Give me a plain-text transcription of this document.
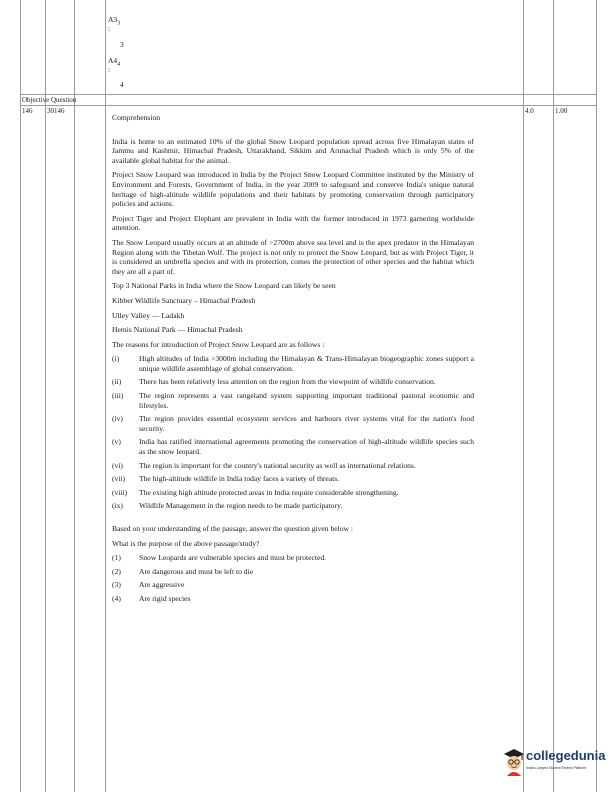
$A3_3$
:
3
$A4_4$
:
4
Objective Question
146 30146	4.0	1.00

Comprehension

India is home to an estimated 10% of the global Snow Leopard population spread across five Himalayan states of Jammu and Kashmir, Himachal Pradesh, Uttarakhand, Sikkim and Arunachal Pradesh which is only 5% of the available global habitat for the animal.

Project Snow Leopard was introduced in India by the Project Snow Leopard Committee instituted by the Ministry of Environment and Forests, Government of India, in the year 2009 to safeguard and conserve India's unique natural heritage of high-altitude wildlife populations and their habitats by promoting conservation through participatory policies and actions.

Project Tiger and Project Elephant are prevalent in India with the former introduced in 1973 garnering worldwide attention.

The Snow Leopard usually occurs at an altitude of >2700m above sea level and is the apex predator in the Himalayan Region along with the Tibetan Wolf. The project is not only to protect the Snow Leopard, but as with Project Tiger, it is considered an umbrella species and with its protection, comes the protection of other species and the habitat which they are all a part of.

Top 3 National Parks in India where the Snow Leopard can likely be seen

Kibber Wildlife Sanctuary – Himachal Pradesh

Ulley Valley — Ladakh

Hemis National Park — Himachal Pradesh

The reasons for introduction of Project Snow Leopard are as follows :

(i)	High altitudes of India >3000m including the Himalayan & Trans-Himalayan biogeographic zones support a unique wildlife assemblage of global conservation.
(ii)	There has been relatively less attention on the region from the viewpoint of wildlife conservation.
(iii)	The region represents a vast rangeland system supporting important traditional pastoral economic and lifestyles.
(iv)	The region provides essential ecosystem services and harbours river systems vital for the nation's food security.
(v)	India has ratified international agreements promoting the conservation of high-altitude wildlife species such as the snow leopard.
(vi)	The region is important for the country's national security as well as international relations.
(vii)	The high-altitude wildlife in India today faces a variety of threats.
(viii)	The existing high altitude protected areas in India require considerable strengthening.
(ix)	Wildlife Management in the region needs to be made participatory.

Based on your understanding of the passage, answer the question given below :

What is the purpose of the above passage/study?

(1)	Snow Leopards are vulnerable species and must be protected.
(2)	Are dangerous and must be left to die
(3)	Are aggressive
(4)	Are rigid species
collegedunia
India's Largest Student Review Platform
